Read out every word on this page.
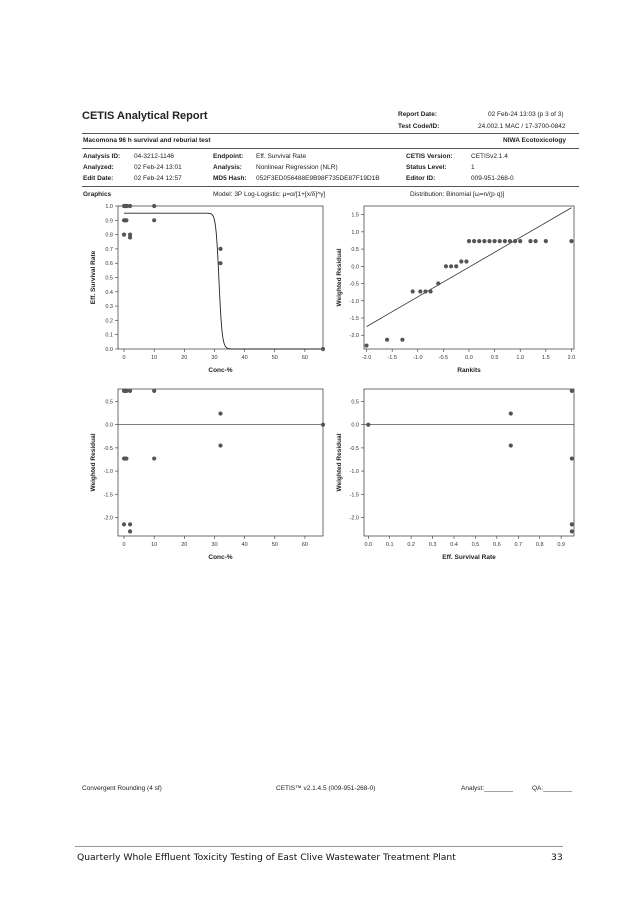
CETIS Analytical Report	Report Date:	02 Feb-24 13:03 (p 3 of 3)
Test Code/ID:	24.002.1 MAC / 17-3700-0842
Macomona 96 h survival and reburial test	NIWA Ecotoxicology
Analysis ID: 04-3212-1146
Analyzed:	02 Feb-24 13:01
Edit Date:	02 Feb-24 12:57
Endpoint: Eff. Survival Rate
Analysis: Nonlinear Regression (NLR)
MD5 Hash: 052F3ED056488E9B98F735DE87F19D1B
CETIS Version:	CETISv2.1.4
Status Level:	1
Editor ID:	009-951-268-0
Graphics	Model: 3P Log-Logistic: μ=α/[1+[x/δ]^γ]	Distribution: Binomial [ω=n/(p·q)]
0.0
0.1
0.2
0.3
0.4
0.5
0.6
0.7
0.8
0.9
1.0
0	10	20	30	40	50	60
Conc-%
Eff. Survival Rate
-2.0
-1.5
-1.0
-0.5
0.0
0.5
1.0
1.5
-2.0	-1.5	-1.0	-0.5	0.0	0.5	1.0	1.5	2.0
Rankits
Weighted Residual
-2.0
-1.5
-1.0
-0.5
0.0
0.5
0	10	20	30	40	50	60
Conc-%
Weighted Residual
-2.0
-1.5
-1.0
-0.5
0.0
0.5
0.0	0.1	0.2	0.3	0.4	0.5	0.6	0.7	0.8	0.9
Eff. Survival Rate
Weighted Residual
Convergent Rounding (4 sf)	CETIS™ v2.1.4.5 (009-951-268-0)	Analyst:________	QA:________
Quarterly Whole Effluent Toxicity Testing of East Clive Wastewater Treatment Plant	33
